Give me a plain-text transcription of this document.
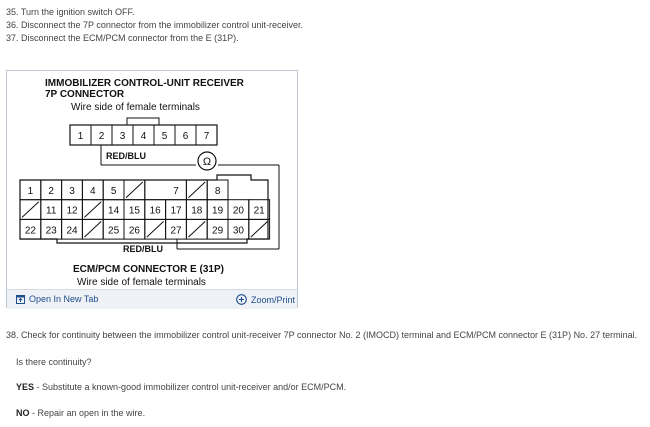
35. Turn the ignition switch OFF.
36. Disconnect the 7P connector from the immobilizer control unit-receiver.
37. Disconnect the ECM/PCM connector from the E (31P).
IMMOBILIZER CONTROL-UNIT RECEIVER
7P CONNECTOR
Wire side of female terminals
1 2 3 4 5 6 7
RED/BLU	Ω
1 2 3 4 5	7	8
11 12	14 15 16 17 18 19 20 21
22 23 24	25 26	27	29 30
RED/BLU
ECM/PCM CONNECTOR E (31P)
Wire side of female terminals
Open In New Tab	Zoom/Print
38. Check for continuity between the immobilizer control unit-receiver 7P connector No. 2 (IMOCD) terminal and ECM/PCM connector E (31P) No. 27 terminal.
Is there continuity?
YES - Substitute a known-good immobilizer control unit-receiver and/or ECM/PCM.
NO - Repair an open in the wire.
